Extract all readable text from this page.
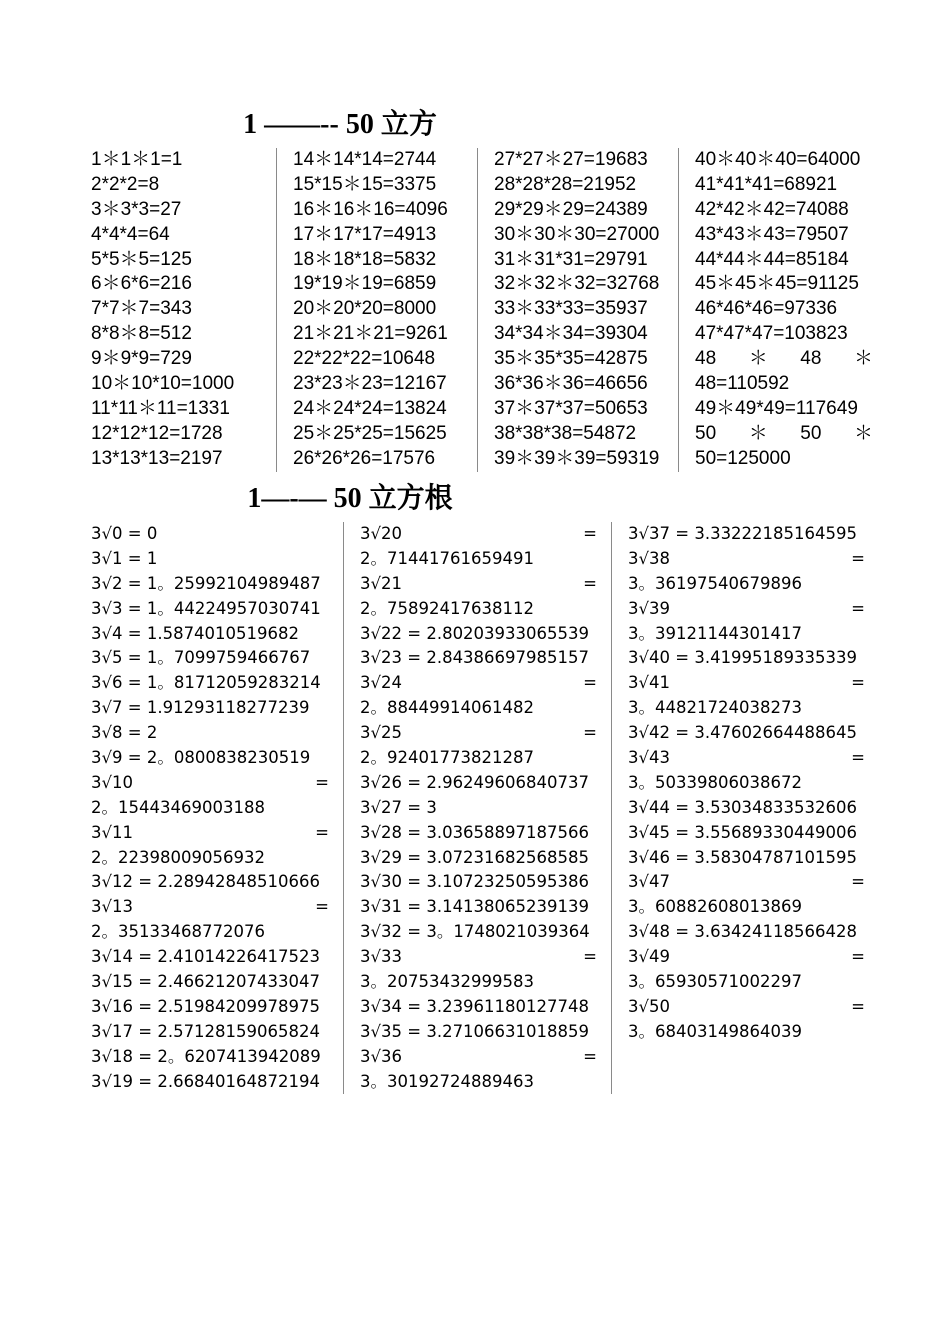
1 ——-- 50 立方
1＊1＊1=1
2*2*2=8
3＊3*3=27
4*4*4=64
5*5＊5=125
6＊6*6=216
7*7＊7=343
8*8＊8=512
9＊9*9=729
10＊10*10=1000
11*11＊11=1331
12*12*12=1728
13*13*13=2197
14＊14*14=2744
15*15＊15=3375
16＊16＊16=4096
17＊17*17=4913
18＊18*18=5832
19*19＊19=6859
20＊20*20=8000
21＊21＊21=9261
22*22*22=10648
23*23＊23=12167
24＊24*24=13824
25＊25*25=15625
26*26*26=17576
27*27＊27=19683
28*28*28=21952
29*29＊29=24389
30＊30＊30=27000
31＊31*31=29791
32＊32＊32=32768
33＊33*33=35937
34*34＊34=39304
35＊35*35=42875
36*36＊36=46656
37＊37*37=50653
38*38*38=54872
39＊39＊39=59319
40＊40＊40=64000
41*41*41=68921
42*42＊42=74088
43*43＊43=79507
44*44＊44=85184
45＊45＊45=91125
46*46*46=97336
47*47*47=103823
48 ＊ 48 ＊
48=110592
49＊49*49=117649
50 ＊ 50 ＊
50=125000
1—-— 50 立方根
3√0 = 0
3√1 = 1
3√2 = 1。25992104989487
3√3 = 1。44224957030741
3√4 = 1.5874010519682
3√5 = 1。7099759466767
3√6 = 1。81712059283214
3√7 = 1.91293118277239
3√8 = 2
3√9 = 2。0800838230519
3√10	=
2。15443469003188
3√11	=
2。22398009056932
3√12 = 2.28942848510666
3√13	=
2。35133468772076
3√14 = 2.41014226417523
3√15 = 2.46621207433047
3√16 = 2.51984209978975
3√17 = 2.57128159065824
3√18 = 2。6207413942089
3√19 = 2.66840164872194
3√20	=
2。71441761659491
3√21	=
2。75892417638112
3√22 = 2.80203933065539
3√23 = 2.84386697985157
3√24	=
2。88449914061482
3√25	=
2。92401773821287
3√26 = 2.96249606840737
3√27 = 3
3√28 = 3.03658897187566
3√29 = 3.07231682568585
3√30 = 3.10723250595386
3√31 = 3.14138065239139
3√32 = 3。1748021039364
3√33	=
3。20753432999583
3√34 = 3.23961180127748
3√35 = 3.27106631018859
3√36	=
3。30192724889463
3√37 = 3.33222185164595
3√38	=
3。36197540679896
3√39	=
3。39121144301417
3√40 = 3.41995189335339
3√41	=
3。44821724038273
3√42 = 3.47602664488645
3√43	=
3。50339806038672
3√44 = 3.53034833532606
3√45 = 3.55689330449006
3√46 = 3.58304787101595
3√47	=
3。60882608013869
3√48 = 3.63424118566428
3√49	=
3。65930571002297
3√50	=
3。68403149864039
